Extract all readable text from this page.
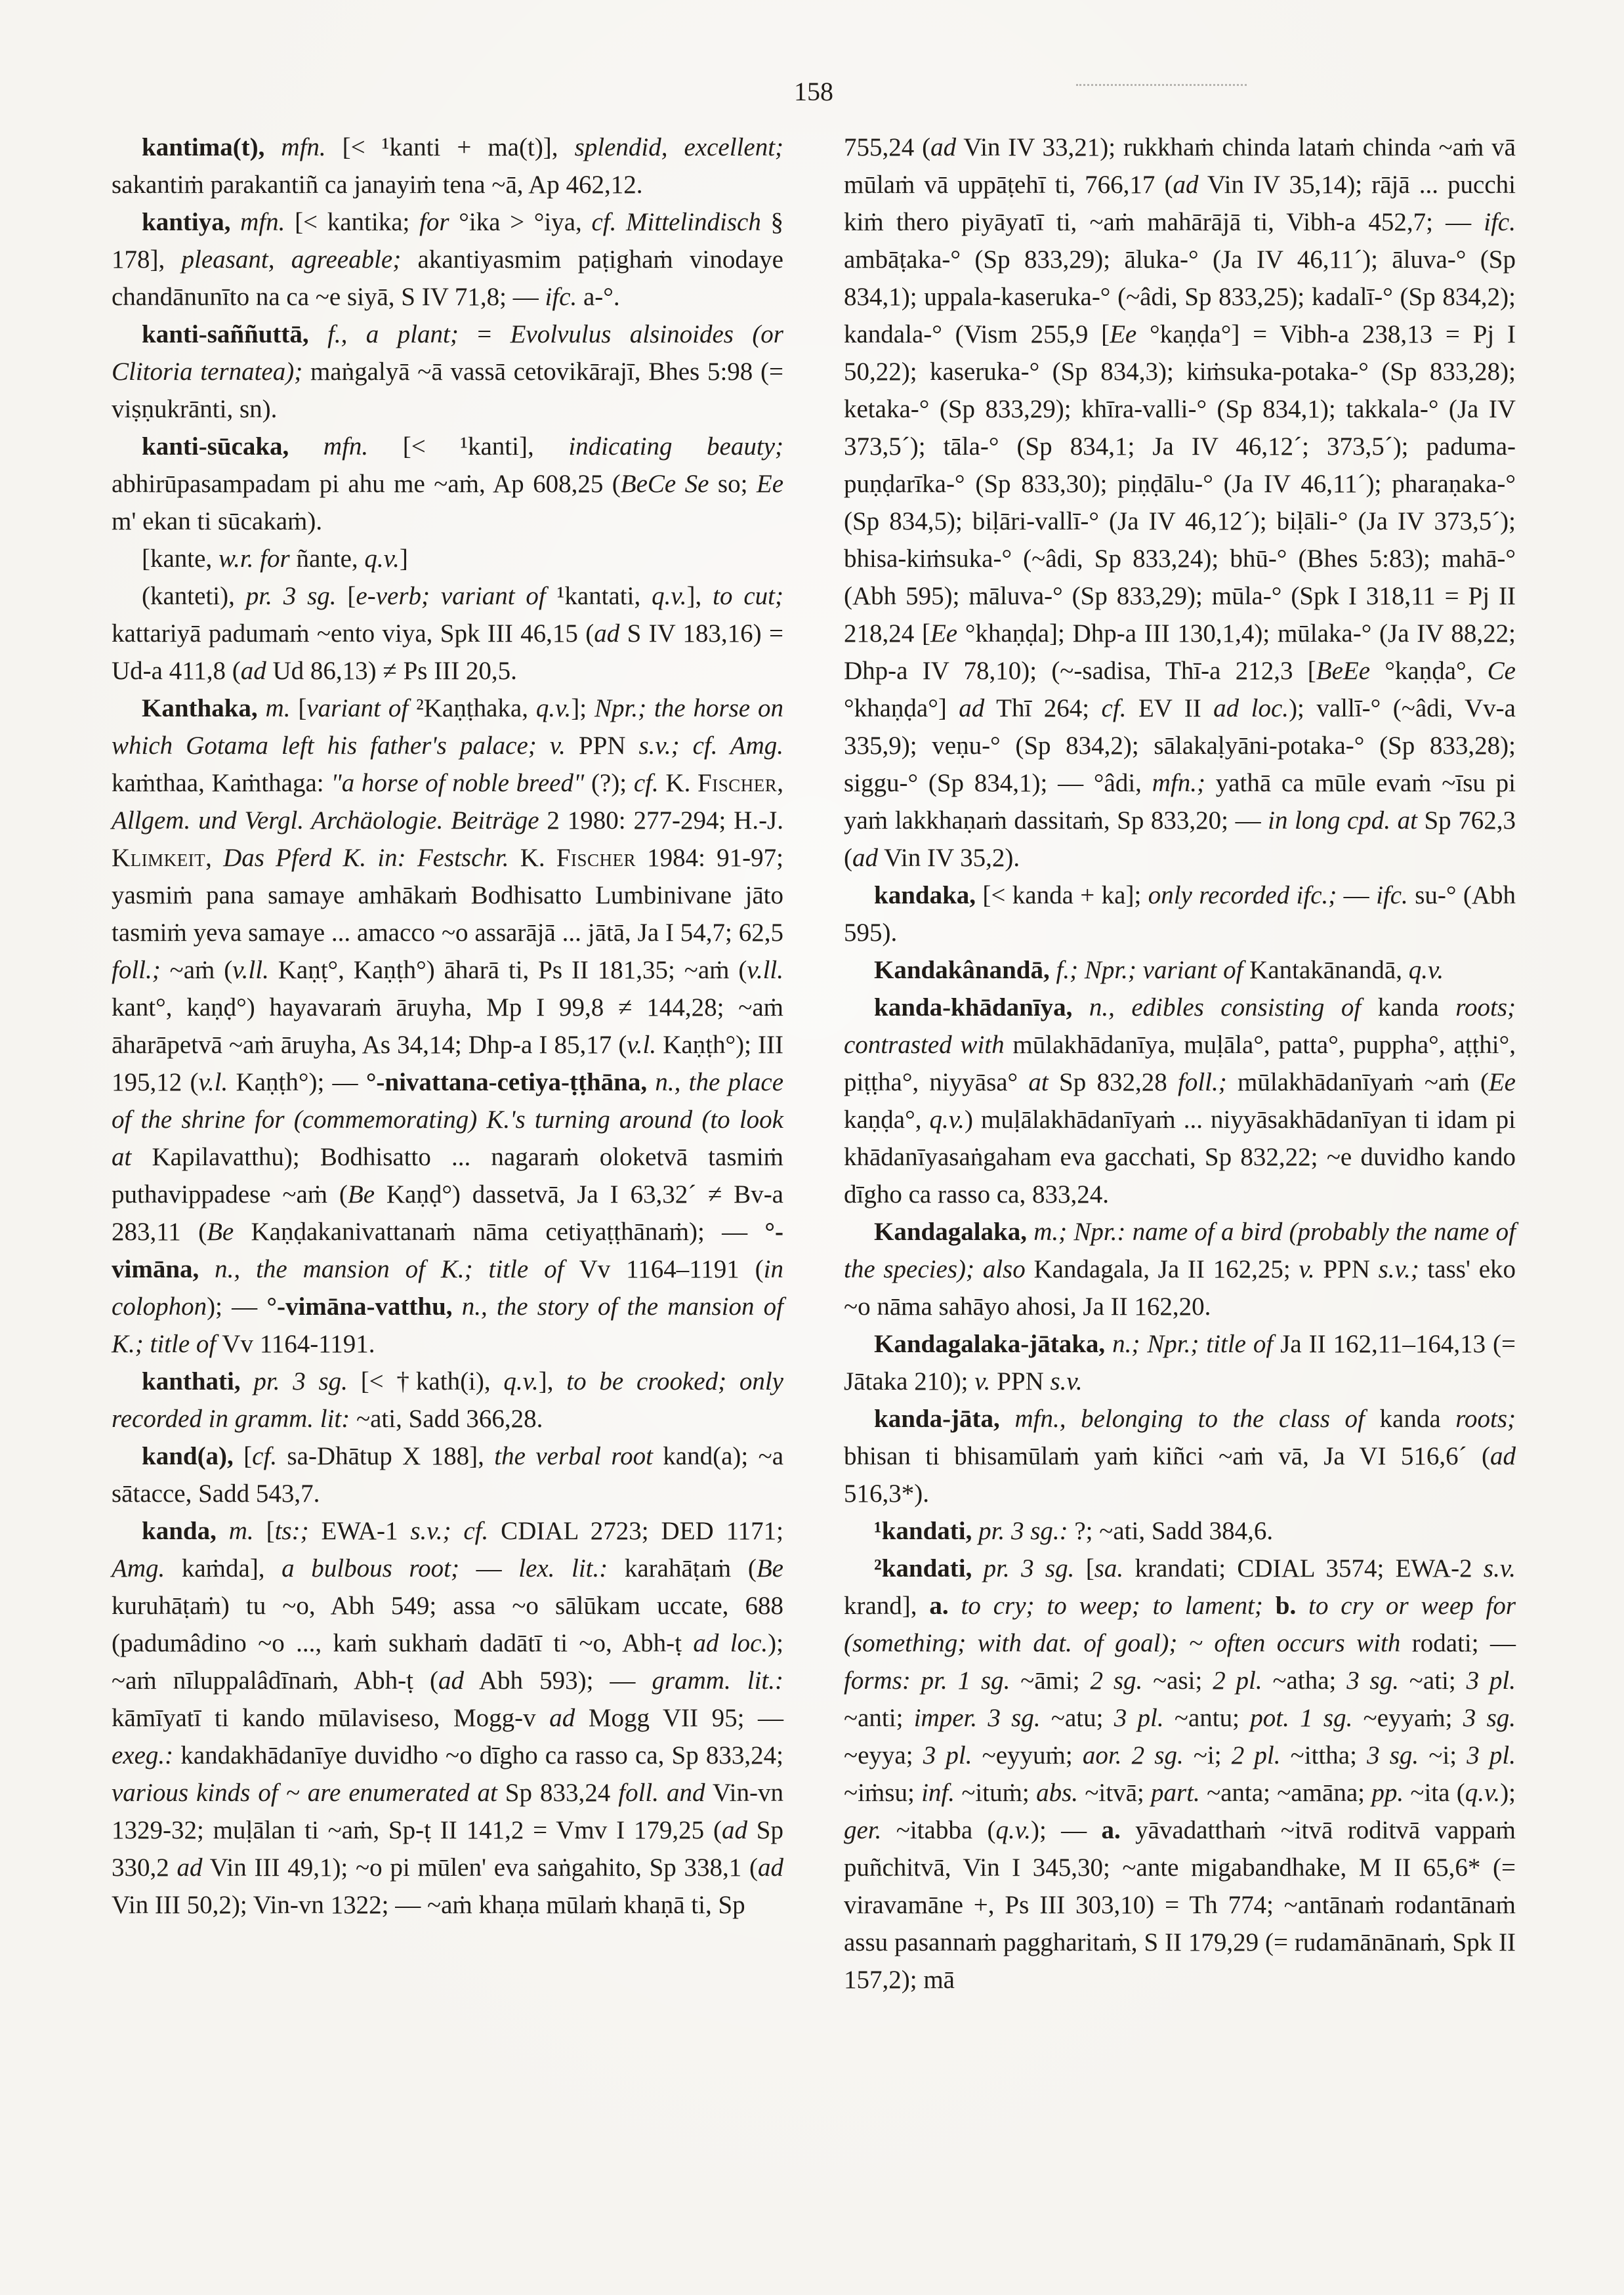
158

kantima(t), mfn. [< ¹kanti + ma(t)], splendid, excellent; sakantiṁ parakantiñ ca janayiṁ tena ~ā, Ap 462,12.

kantiya, mfn. [< kantika; for °ika > °iya, cf. Mittelindisch § 178], pleasant, agreeable; akantiyasmim paṭighaṁ vinodaye chandānunīto na ca ~e siyā, S IV 71,8; — ifc. a-°.

kanti-saññuttā, f., a plant; = Evolvulus alsinoides (or Clitoria ternatea); maṅgalyā ~ā vassā cetovikārajī, Bhes 5:98 (= viṣṇukrānti, sn).

kanti-sūcaka, mfn. [< ¹kanti], indicating beauty; abhirūpasampadam pi ahu me ~aṁ, Ap 608,25 (BeCe Se so; Ee m' ekan ti sūcakaṁ).

[kante, w.r. for ñante, q.v.]

(kanteti), pr. 3 sg. [e-verb; variant of ¹kantati, q.v.], to cut; kattariyā padumaṁ ~ento viya, Spk III 46,15 (ad S IV 183,16) = Ud-a 411,8 (ad Ud 86,13) ≠ Ps III 20,5.

Kanthaka, m. [variant of ²Kaṇṭhaka, q.v.]; Npr.; the horse on which Gotama left his father's palace; v. PPN s.v.; cf. Amg. kaṁthaa, Kaṁthaga: "a horse of noble breed" (?); cf. K. Fischer, Allgem. und Vergl. Archäologie. Beiträge 2 1980: 277-294; H.-J. Klimkeit, Das Pferd K. in: Festschr. K. Fischer 1984: 91-97; yasmiṁ pana samaye amhākaṁ Bodhisatto Lumbinivane jāto tasmiṁ yeva samaye ... amacco ~o assarājā ... jātā, Ja I 54,7; 62,5 foll.; ~aṁ (v.ll. Kaṇṭ°, Kaṇṭh°) āharā ti, Ps II 181,35; ~aṁ (v.ll. kant°, kaṇḍ°) hayavaraṁ āruyha, Mp I 99,8 ≠ 144,28; ~aṁ āharāpetvā ~aṁ āruyha, As 34,14; Dhp-a I 85,17 (v.l. Kaṇṭh°); III 195,12 (v.l. Kaṇṭh°); — °-nivattana-cetiya-ṭṭhāna, n., the place of the shrine for (commemorating) K.'s turning around (to look at Kapilavatthu); Bodhisatto ... nagaraṁ oloketvā tasmiṁ puthavippadese ~aṁ (Be Kaṇḍ°) dassetvā, Ja I 63,32´ ≠ Bv-a 283,11 (Be Kaṇḍakanivattanaṁ nāma cetiyaṭṭhānaṁ); — °-vimāna, n., the mansion of K.; title of Vv 1164–1191 (in colophon); — °-vimāna-vatthu, n., the story of the mansion of K.; title of Vv 1164-1191.

kanthati, pr. 3 sg. [< †kath(i), q.v.], to be crooked; only recorded in gramm. lit: ~ati, Sadd 366,28.

kand(a), [cf. sa-Dhātup X 188], the verbal root kand(a); ~a sātacce, Sadd 543,7.

kanda, m. [ts:; EWA-1 s.v.; cf. CDIAL 2723; DED 1171; Amg. kaṁda], a bulbous root; — lex. lit.: karahāṭaṁ (Be kuruhāṭaṁ) tu ~o, Abh 549; assa ~o sālūkam uccate, 688 (padumâdino ~o ..., kaṁ sukhaṁ dadātī ti ~o, Abh-ṭ ad loc.); ~aṁ nīluppalâdīnaṁ, Abh-ṭ (ad Abh 593); — gramm. lit.: kāmīyatī ti kando mūlaviseso, Mogg-v ad Mogg VII 95; — exeg.: kandakhādanīye duvidho ~o dīgho ca rasso ca, Sp 833,24; various kinds of ~ are enumerated at Sp 833,24 foll. and Vin-vn 1329-32; muḷālan ti ~aṁ, Sp-ṭ II 141,2 = Vmv I 179,25 (ad Sp 330,2 ad Vin III 49,1); ~o pi mūlen' eva saṅgahito, Sp 338,1 (ad Vin III 50,2); Vin-vn 1322; — ~aṁ khaṇa mūlaṁ khaṇā ti, Sp

755,24 (ad Vin IV 33,21); rukkhaṁ chinda lataṁ chinda ~aṁ vā mūlaṁ vā uppāṭehī ti, 766,17 (ad Vin IV 35,14); rājā ... pucchi kiṁ thero piyāyatī ti, ~aṁ mahārājā ti, Vibh-a 452,7; — ifc. ambāṭaka-° (Sp 833,29); āluka-° (Ja IV 46,11´); āluva-° (Sp 834,1); uppala-kaseruka-° (~âdi, Sp 833,25); kadalī-° (Sp 834,2); kandala-° (Vism 255,9 [Ee °kaṇḍa°] = Vibh-a 238,13 = Pj I 50,22); kaseruka-° (Sp 834,3); kiṁsuka-potaka-° (Sp 833,28); ketaka-° (Sp 833,29); khīra-valli-° (Sp 834,1); takkala-° (Ja IV 373,5´); tāla-° (Sp 834,1; Ja IV 46,12´; 373,5´); paduma-puṇḍarīka-° (Sp 833,30); piṇḍālu-° (Ja IV 46,11´); pharaṇaka-° (Sp 834,5); biḷāri-vallī-° (Ja IV 46,12´); biḷāli-° (Ja IV 373,5´); bhisa-kiṁsuka-° (~âdi, Sp 833,24); bhū-° (Bhes 5:83); mahā-° (Abh 595); māluva-° (Sp 833,29); mūla-° (Spk I 318,11 = Pj II 218,24 [Ee °khaṇḍa]; Dhp-a III 130,1,4); mūlaka-° (Ja IV 88,22; Dhp-a IV 78,10); (~-sadisa, Thī-a 212,3 [BeEe °kaṇḍa°, Ce °khaṇḍa°] ad Thī 264; cf. EV II ad loc.); vallī-° (~âdi, Vv-a 335,9); veṇu-° (Sp 834,2); sālakaḷyāni-potaka-° (Sp 833,28); siggu-° (Sp 834,1); — °âdi, mfn.; yathā ca mūle evaṁ ~īsu pi yaṁ lakkhaṇaṁ dassitaṁ, Sp 833,20; — in long cpd. at Sp 762,3 (ad Vin IV 35,2).

kandaka, [< kanda + ka]; only recorded ifc.; — ifc. su-° (Abh 595).

Kandakânandā, f.; Npr.; variant of Kantakānandā, q.v.

kanda-khādanīya, n., edibles consisting of kanda roots; contrasted with mūlakhādanīya, muḷāla°, patta°, puppha°, aṭṭhi°, piṭṭha°, niyyāsa° at Sp 832,28 foll.; mūlakhādanīyaṁ ~aṁ (Ee kaṇḍa°, q.v.) muḷālakhādanīyaṁ ... niyyāsakhādanīyan ti idam pi khādanīyasaṅgaham eva gacchati, Sp 832,22; ~e duvidho kando dīgho ca rasso ca, 833,24.

Kandagalaka, m.; Npr.: name of a bird (probably the name of the species); also Kandagala, Ja II 162,25; v. PPN s.v.; tass' eko ~o nāma sahāyo ahosi, Ja II 162,20.

Kandagalaka-jātaka, n.; Npr.; title of Ja II 162,11–164,13 (= Jātaka 210); v. PPN s.v.

kanda-jāta, mfn., belonging to the class of kanda roots; bhisan ti bhisamūlaṁ yaṁ kiñci ~aṁ vā, Ja VI 516,6´ (ad 516,3*).

¹kandati, pr. 3 sg.: ?; ~ati, Sadd 384,6.

²kandati, pr. 3 sg. [sa. krandati; CDIAL 3574; EWA-2 s.v. krand], a. to cry; to weep; to lament; b. to cry or weep for (something; with dat. of goal); ~ often occurs with rodati; — forms: pr. 1 sg. ~āmi; 2 sg. ~asi; 2 pl. ~atha; 3 sg. ~ati; 3 pl. ~anti; imper. 3 sg. ~atu; 3 pl. ~antu; pot. 1 sg. ~eyyaṁ; 3 sg. ~eyya; 3 pl. ~eyyuṁ; aor. 2 sg. ~i; 2 pl. ~ittha; 3 sg. ~i; 3 pl. ~iṁsu; inf. ~ituṁ; abs. ~itvā; part. ~anta; ~amāna; pp. ~ita (q.v.); ger. ~itabba (q.v.); — a. yāvadatthaṁ ~itvā roditvā vappaṁ puñchitvā, Vin I 345,30; ~ante migabandhake, M II 65,6* (= viravamāne +, Ps III 303,10) = Th 774; ~antānaṁ rodantānaṁ assu pasannaṁ paggharitaṁ, S II 179,29 (= rudamānānaṁ, Spk II 157,2); mā
